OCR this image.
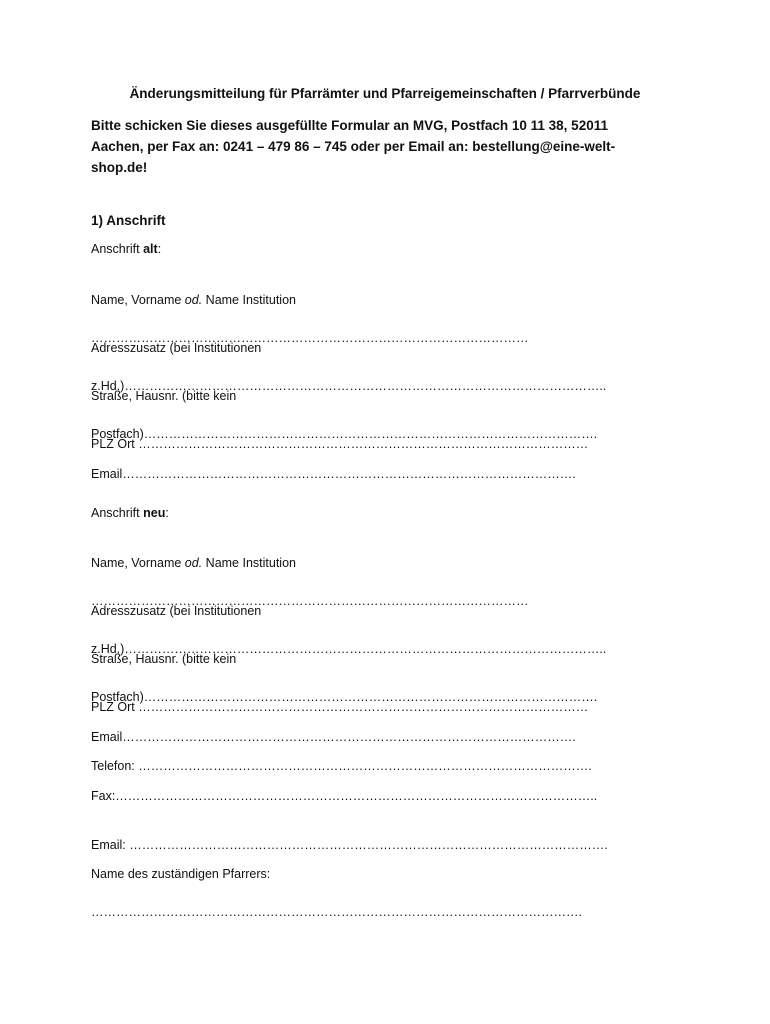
Änderungsmitteilung für Pfarrämter und Pfarreigemeinschaften / Pfarrverbünde

Bitte schicken Sie dieses ausgefüllte Formular an MVG, Postfach 10 11 38, 52011 Aachen, per Fax an: 0241 – 479 86 – 745 oder per Email an: bestellung@eine-welt-shop.de!

1) Anschrift
Anschrift alt:

Name, Vorname od. Name Institution

……………………………………………………………………………………………

Adresszusatz (bei Institutionen

z.Hd.)……………………………………………………………………………………………………..

Straße, Hausnr. (bitte kein

Postfach)……………………………………………………………………………………………….

PLZ Ort ………………………………………………………………………………………………

Email……………………………………………………………………………………………….

Anschrift neu:

Name, Vorname od. Name Institution

……………………………………………………………………………………………

Adresszusatz (bei Institutionen

z.Hd.)……………………………………………………………………………………………………..

Straße, Hausnr. (bitte kein

Postfach)……………………………………………………………………………………………….

PLZ Ort ………………………………………………………………………………………………

Email……………………………………………………………………………………………….

Telefon: ……………………………………………………………………………………………….

Fax:……………………………………………………………………………………………………..

Email: …………………………………………………………………………………………………….

Name des zuständigen Pfarrers:

……………………………………………………………………………………………………….
